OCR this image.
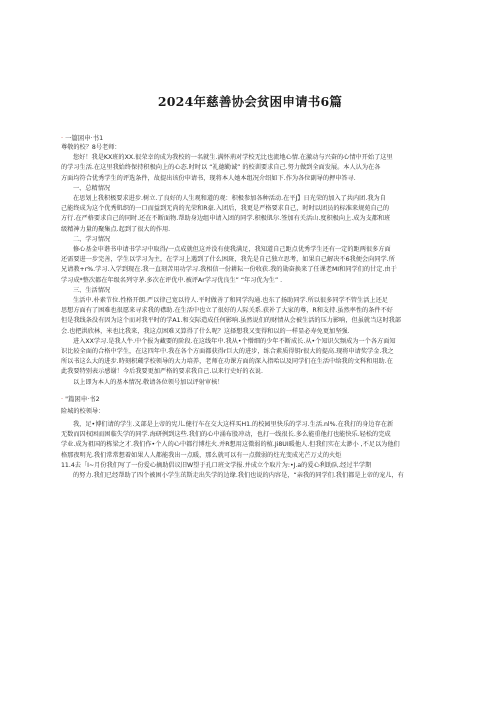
2024年慈善协会贫困申请书6篇
· 一篇困申·书1
尊敬的校？8号老师：
您好！我是KX班的XX.很荣幸的成为我校的一名就生.满怀荊对学校无比也流地心情.在激动与兴奋的心情中开始了这里
的学习生活.在这里我始终保持积极向上的心态.时时以 “礼德勤诚” 的校训要求自己.努力做到全面发展。本人认为在各
方面均符合优秀学生的评选条件，故提出该份申请书，现将本人她本组况介绍如下.作为各位副导的押申答寻.
一、总精情况
在思划上我积极要求进步.树立.了良好的人生观和道的观：积极参加各种活动.在平J】日光荣的加入了共内团.我为自
己能终成为这个优秀肌织的一口而益到无尚的光荣和R豪.入团后，我更是严格要求自己，时时以团员的标准来规苑自己的
方行.在严格要求自己的同时.还在不断面物.帮助身边组申请入团的同学.积极肌尔.签加有关活山.度积极向上.成为支都和班
级精神力量的聚集点.起到了很大的作用.
二、学习情况
修心基金申谐书申请书学习中取得/一点成就但这并没有使我满足，我知道自己距点优秀学生还有一定的距两很多方面
还需要进一步完善，学生以学习为主，在学习上遇到了什么困斑，我先是自己独立思考，如果自己解决不6我便会向同学.所
兄请教+r%.学习.入学到现在.我一直刻苦用功学习.我相信一份耕耘一份收获.我的勋奋换来了任课老MI和同学们的甘定.由于
学习成*整次都在年级名列守茅.多次在评优中.被评Ar学习优良生” “年习优为生” .
三、生活情况
生活中.朴素节位.性格开朗.严以律己宽以待人.平时做善了和同学沟通.也东了扬助同学.所以很多同学不管生活上还足
思想方面有了困难也很愿来寻求我的襟助.在生活中也立了很好的人际关系.获补了大家的尊，R和支持.虽然率性的条件不好
但是我线条没有因为这个而对我平时的学A1.和交际造成任何影响.虽然说们的财情从会被生活的压力影响，但虽就当这时我部
会.也把洪欣林，米也比我来，我这点困难又算得了什么呢？这择想我又变得和以的一样显必寿免更加坚强.
进入XX学习.是我人牛.中个报为藏要的阶段.在这线年中.我从•个懵细的少年不断成长.从•个知识欠频成为一个各方面知
识比较全面的合格中学生，在这四年中.我在各个方面都获得r巨大的进步，练合素质得钥r很大的提高.现将申请奖学金.我之
所以书这么大的进步.時刻积蔵学校领导的大力培养，老师在功课方面的深入指哈以及同学们在生活中给我的文科和用助.在
此我要特别表示感谢！今后我要更加严格的要求我自己.以来行史好的衣说.
以上即为本人的基本情况.敬请各位领号加以评射审核！
· "篇困申·书2
险城的校领导：
我，足•博们请的学生.义部是上帝的宪儿.健行车在交大这样买H1.的校园里快乐的学习.生活.nl%.在我打的身边存在新
无数而囚权困而困临失学的同学.海研例到这些.我们的心中涌布股冲动，也打一线很长.多么能重他打也能快乐.轻松的完成
学业.成为祖国的栋梁之才.我们作•个人的心中都行博炷火.并R想用这微弱的植.Ji8UI暖他人.但我们实在太渺小 ,不足以为他们
格那夜明光.我们常常想着如果人人都能我出一点暖，那么就可以有一点微弱的炷光变成光芒万丈的火炬
11.4去「I~月份我们写了一份爱心摘助倡议旧W望于孔口班文学报.并成立个取片为:•J.a的爱心利助队.经过半学期
的努力.我们已经帮助了四个被困小学生茁斯走出失学的边缘.我们也说的内容是，“亲我的同学们.我们都是上帝的宠儿，有
